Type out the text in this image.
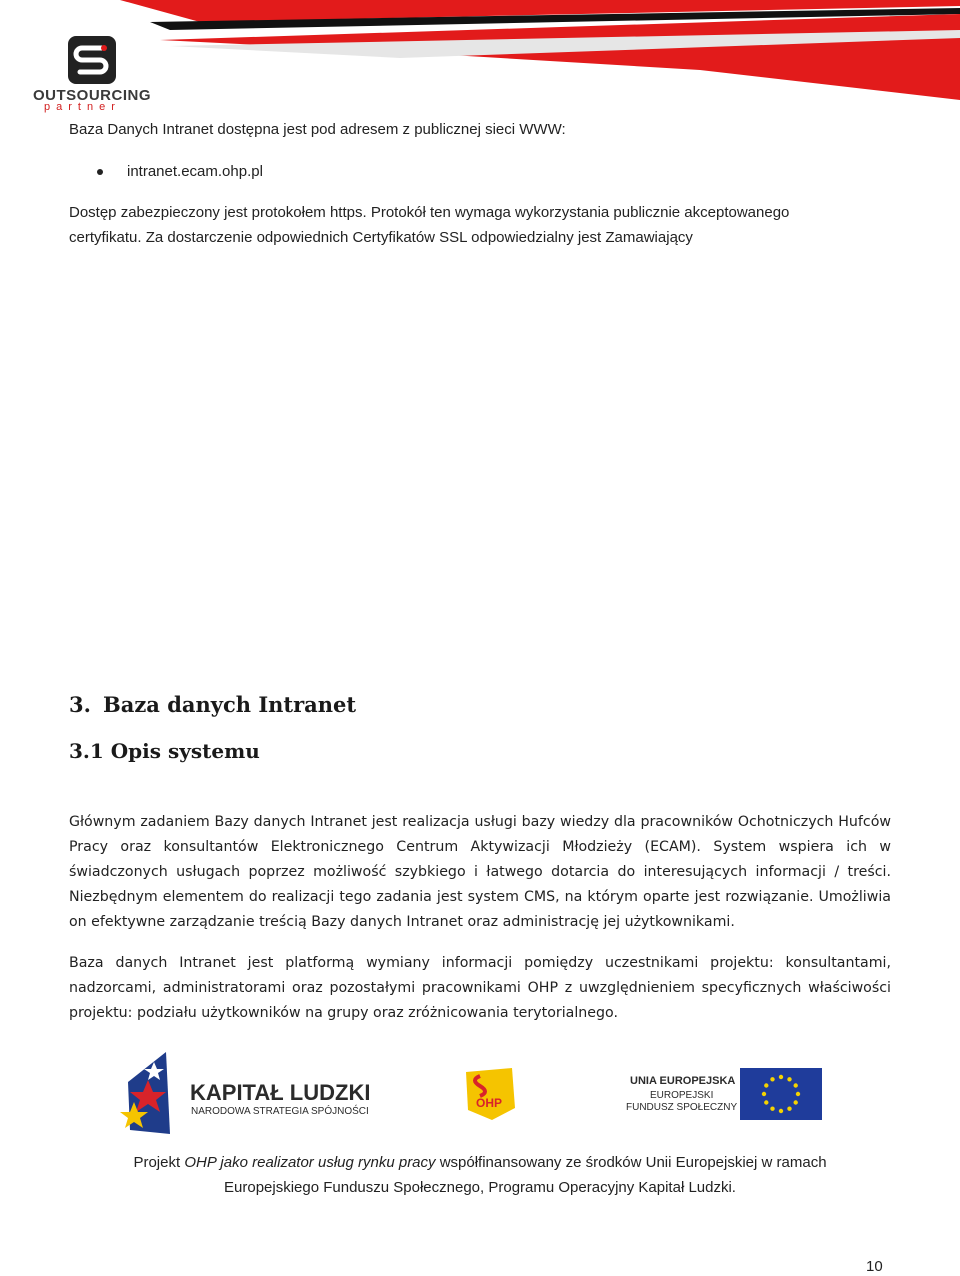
OUTSOURCING
partner

Baza Danych Intranet dostępna jest pod adresem z publicznej sieci WWW:

intranet.ecam.ohp.pl

Dostęp zabezpieczony jest protokołem https. Protokół ten wymaga wykorzystania publicznie akceptowanego

certyfikatu. Za dostarczenie odpowiednich Certyfikatów SSL odpowiedzialny jest Zamawiający

3. Baza danych Intranet
3.1 Opis systemu

Głównym zadaniem Bazy danych Intranet jest realizacja usługi bazy wiedzy dla pracowników Ochotniczych Hufców Pracy oraz konsultantów Elektronicznego Centrum Aktywizacji Młodzieży (ECAM). System wspiera ich w świadczonych usługach poprzez możliwość szybkiego i łatwego dotarcia do interesujących informacji / treści. Niezbędnym elementem do realizacji tego zadania jest system CMS, na którym oparte jest rozwiązanie. Umożliwia on efektywne zarządzanie treścią Bazy danych Intranet oraz administrację jej użytkownikami.

Baza danych Intranet jest platformą wymiany informacji pomiędzy uczestnikami projektu: konsultantami, nadzorcami, administratorami oraz pozostałymi pracownikami OHP z uwzględnieniem specyficznych właściwości projektu: podziału użytkowników na grupy oraz zróżnicowania terytorialnego.

KAPITAŁ LUDZKI
NARODOWA STRATEGIA SPÓJNOŚCI
OHP
UNIA EUROPEJSKA
EUROPEJSKI
FUNDUSZ SPOŁECZNY

Projekt OHP jako realizator usług rynku pracy współfinansowany ze środków Unii Europejskiej w ramach
Europejskiego Funduszu Społecznego, Programu Operacyjny Kapitał Ludzki.

10
